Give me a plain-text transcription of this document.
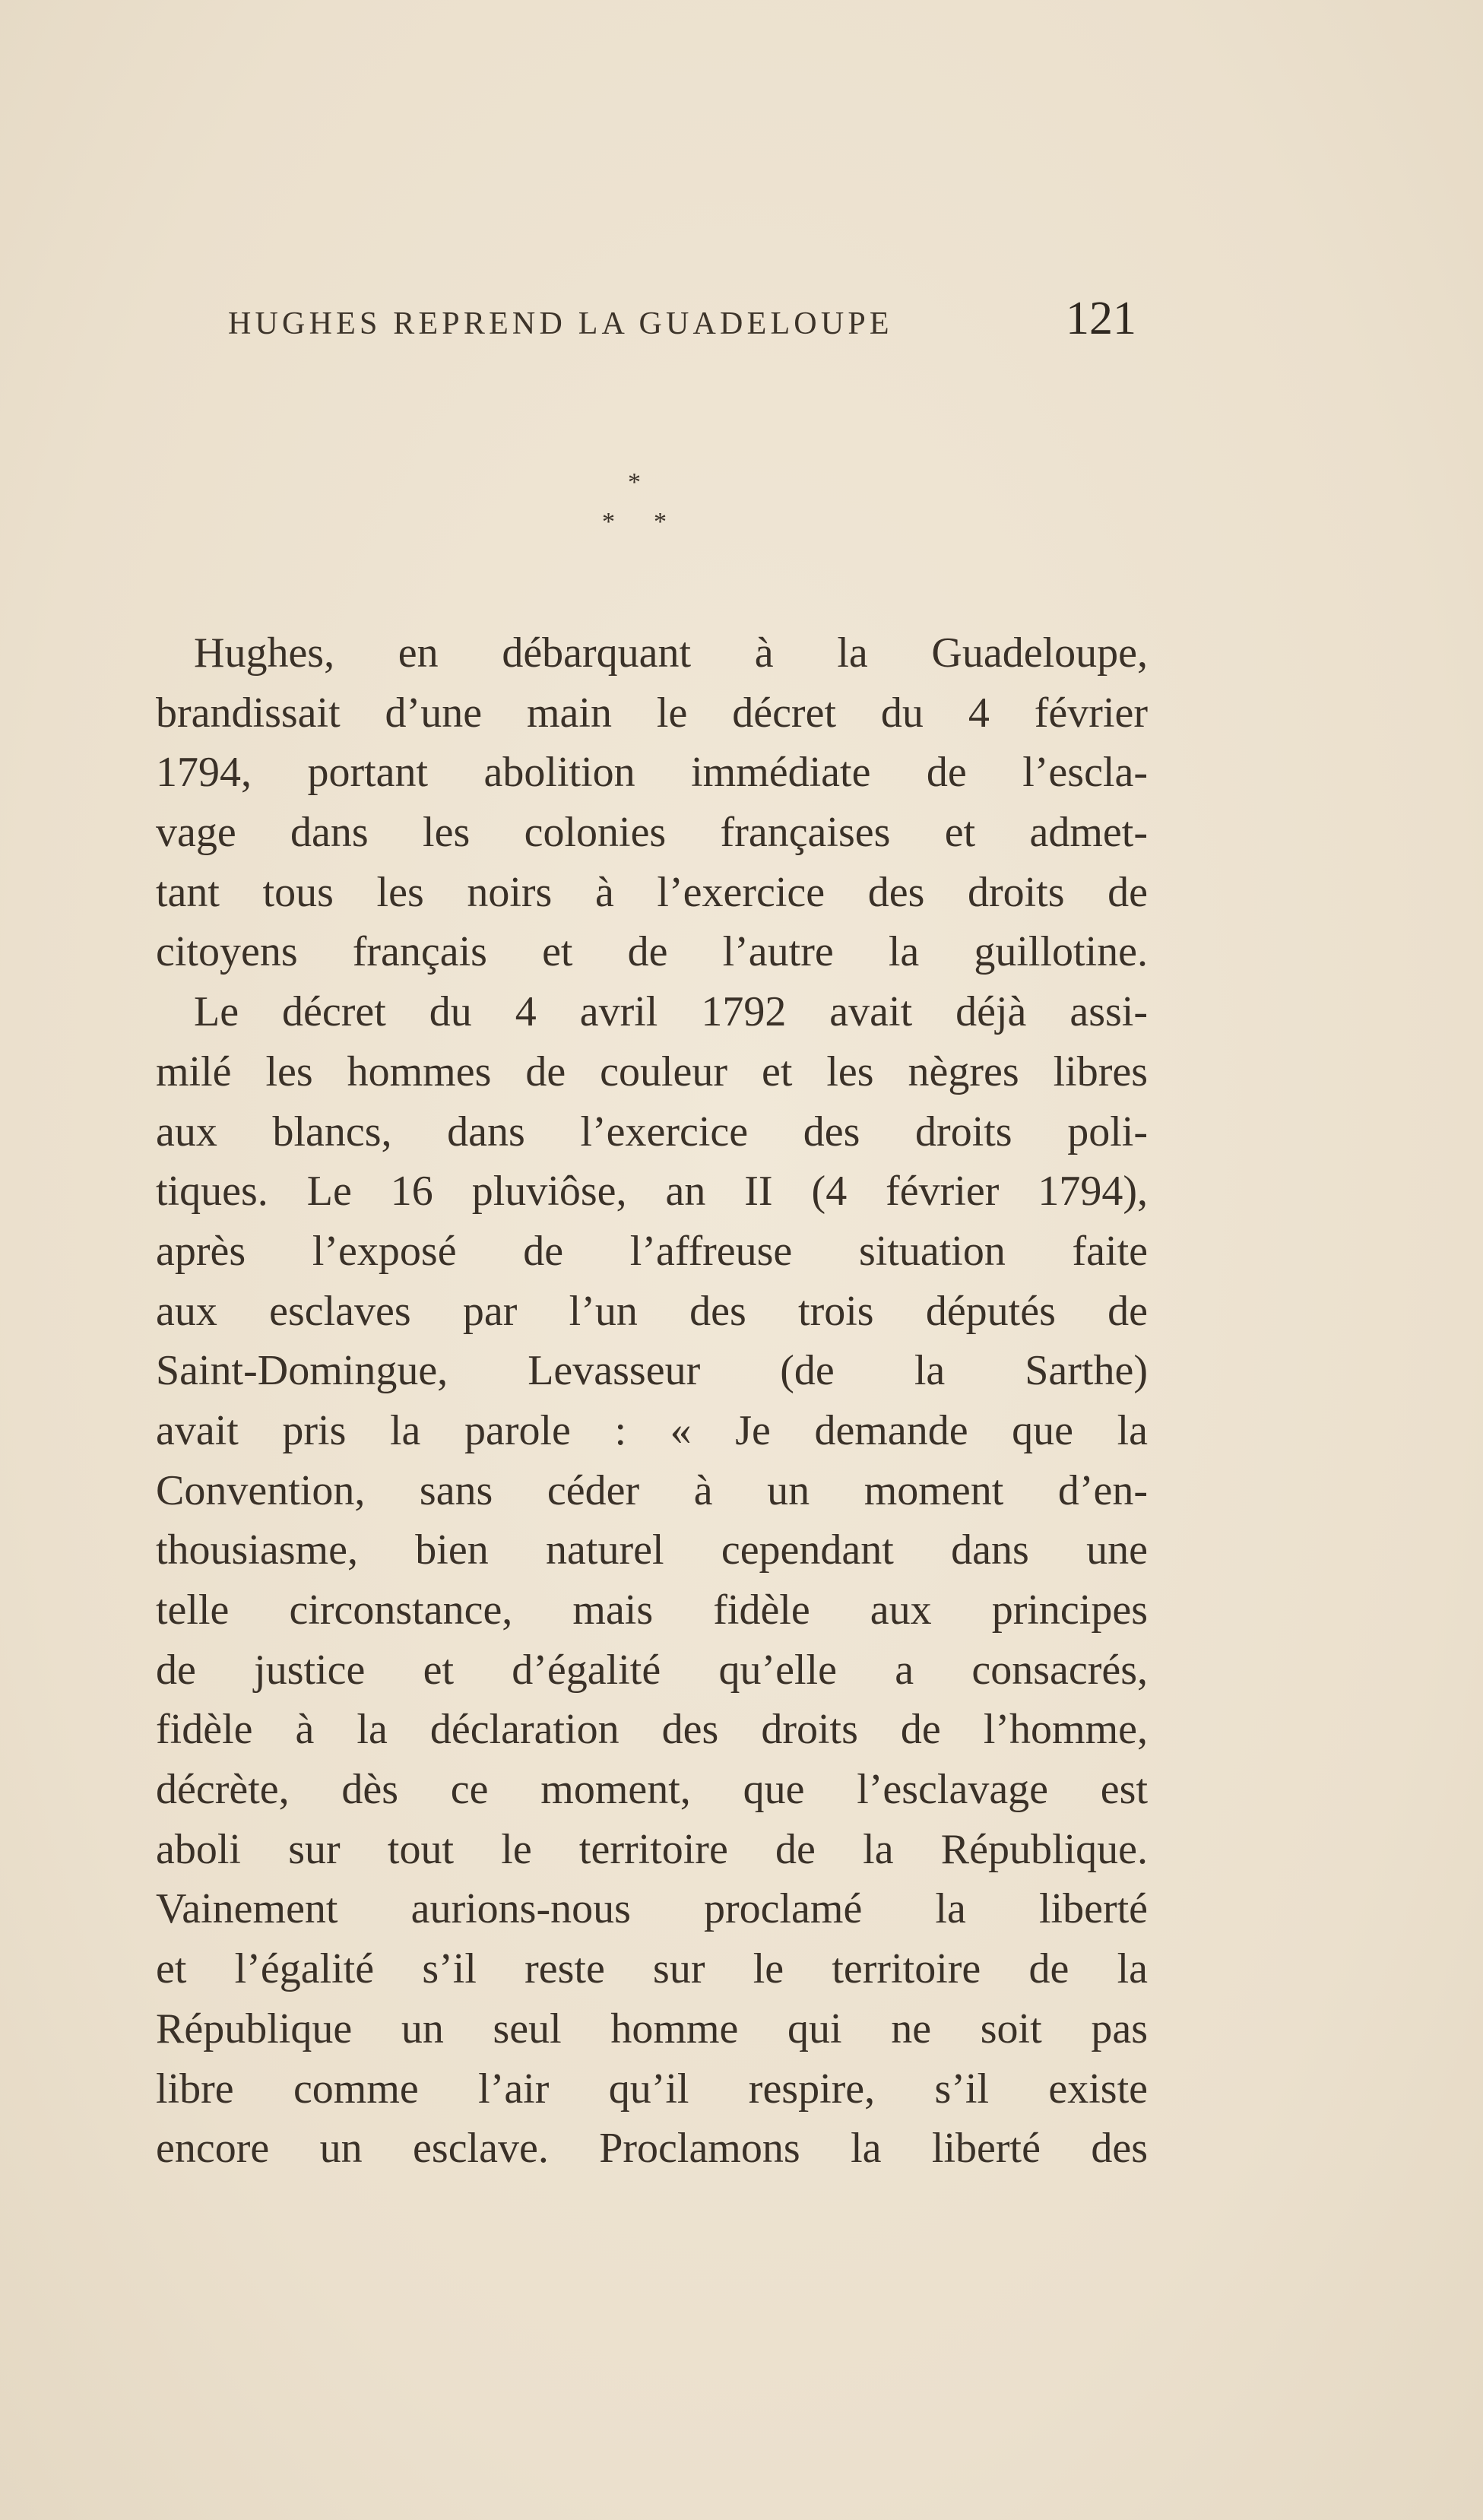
HUGHES REPREND LA GUADELOUPE	121
*
* *
Hughes, en débarquant à la Guadeloupe,
brandissait d’une main le décret du 4 février
1794, portant abolition immédiate de l’escla-
vage dans les colonies françaises et admet-
tant tous les noirs à l’exercice des droits de
citoyens français et de l’autre la guillotine.
Le décret du 4 avril 1792 avait déjà assi-
milé les hommes de couleur et les nègres libres
aux blancs, dans l’exercice des droits poli-
tiques. Le 16 pluviôse, an II (4 février 1794),
après l’exposé de l’affreuse situation faite
aux esclaves par l’un des trois députés de
Saint-Domingue, Levasseur (de la Sarthe)
avait pris la parole : « Je demande que la
Convention, sans céder à un moment d’en-
thousiasme, bien naturel cependant dans une
telle circonstance, mais fidèle aux principes
de justice et d’égalité qu’elle a consacrés,
fidèle à la déclaration des droits de l’homme,
décrète, dès ce moment, que l’esclavage est
aboli sur tout le territoire de la République.
Vainement aurions-nous proclamé la liberté
et l’égalité s’il reste sur le territoire de la
République un seul homme qui ne soit pas
libre comme l’air qu’il respire, s’il existe
encore un esclave. Proclamons la liberté des
